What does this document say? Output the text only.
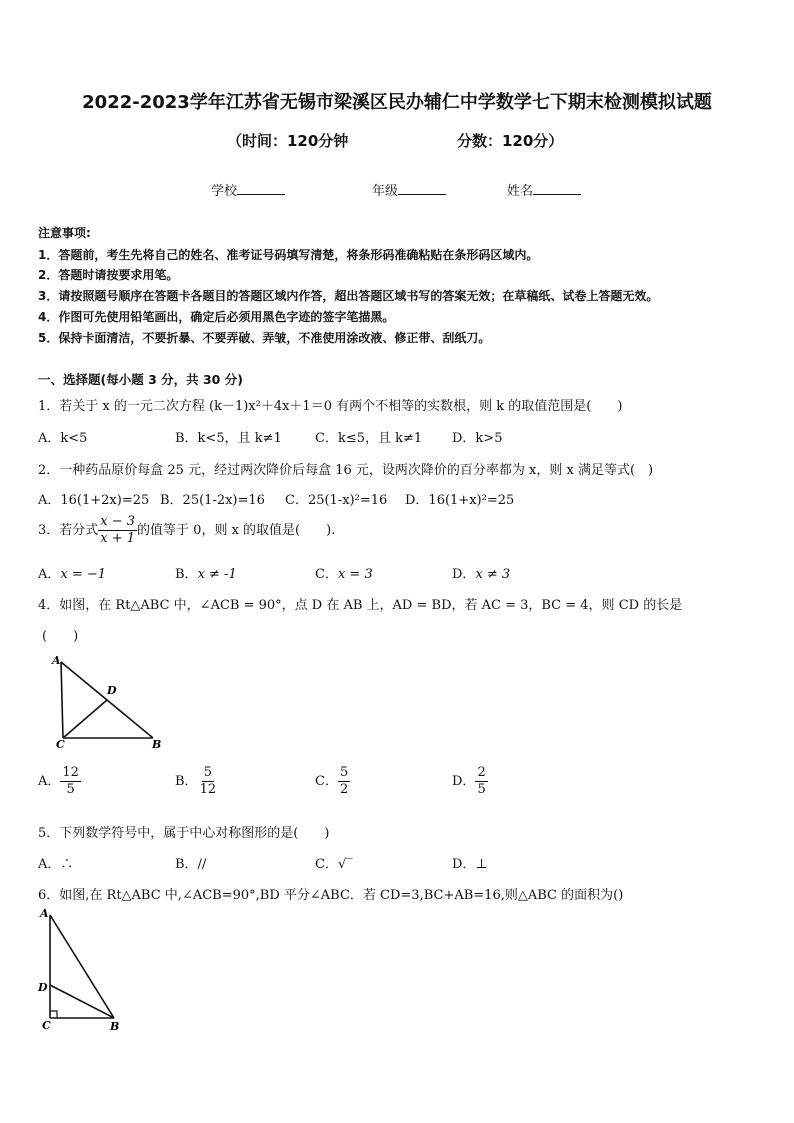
2022-2023学年江苏省无锡市梁溪区民办辅仁中学数学七下期末检测模拟试题
（时间：120分钟	分数：120分）
学校	年级	姓名
注意事项:
1．答题前，考生先将自己的姓名、准考证号码填写清楚，将条形码准确粘贴在条形码区域内。
2．答题时请按要求用笔。
3．请按照题号顺序在答题卡各题目的答题区域内作答，超出答题区域书写的答案无效；在草稿纸、试卷上答题无效。
4．作图可先使用铅笔画出，确定后必须用黑色字迹的签字笔描黑。
5．保持卡面清洁，不要折暴、不要弄破、弄皱，不准使用涂改液、修正带、刮纸刀。
一、选择题(每小题 3 分，共 30 分)
1．若关于 x 的一元二次方程 (k－1)x²＋4x＋1＝0 有两个不相等的实数根，则 k 的取值范围是(　　)
A．k<5	B．k<5，且 k≠1	C．k≤5，且 k≠1 D．k>5
2．一种药品原价每盒 25 元，经过两次降价后每盒 16 元，设两次降价的百分率都为 x，则 x 满足等式(　)
A．16(1+2x)=25 B．25(1-2x)=16 C．25(1-x)²=16 D．16(1+x)²=25
3．若分式 $\frac{x - 3}{x + 1}$ 的值等于 0，则 x 的取值是(　　).
A．x = −1	B．x ≠ -1	C．x = 3	D．x ≠ 3
4．如图，在 Rt△ABC 中，∠ACB = 90°，点 D 在 AB 上，AD = BD，若 AC = 3，BC = 4，则 CD 的长是
(　　)
A
D
C	B
A． $\frac{12}{5}$	B． $\frac{5}{12}$	C． $\frac{5}{2}$	D． $\frac{2}{5}$
5．下列数学符号中，属于中心对称图形的是(　　)
A．∴	B．//	C．√‾	D．⊥
6．如图,在 Rt△ABC 中,∠ACB=90°,BD 平分∠ABC．若 CD=3,BC+AB=16,则△ABC 的面积为()
A
D
C	B
